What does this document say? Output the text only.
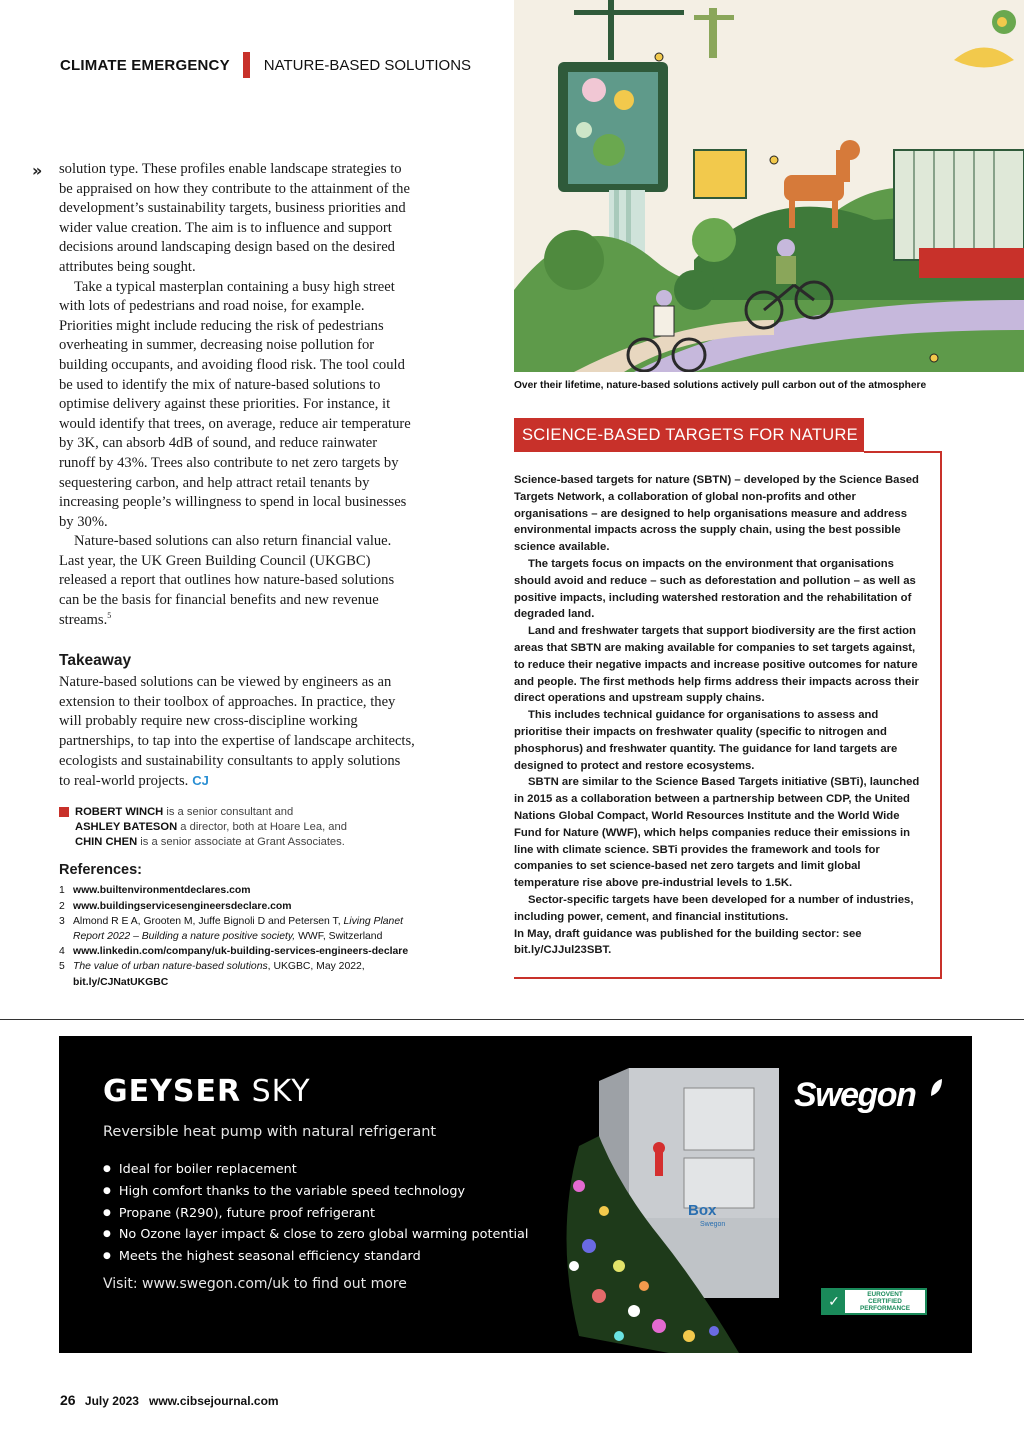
CLIMATE EMERGENCY NATURE-BASED SOLUTIONS
» solution type. These profiles enable landscape strategies to be appraised on how they contribute to the attainment of the development’s sustainability targets, business priorities and wider value creation. The aim is to influence and support decisions around landscaping design based on the desired attributes being sought.

Take a typical masterplan containing a busy high street with lots of pedestrians and road noise, for example. Priorities might include reducing the risk of pedestrians overheating in summer, decreasing noise pollution for building occupants, and avoiding flood risk. The tool could be used to identify the mix of nature-based solutions to optimise delivery against these priorities. For instance, it would identify that trees, on average, reduce air temperature by 3K, can absorb 4dB of sound, and reduce rainwater runoff by 43%. Trees also contribute to net zero targets by sequestering carbon, and help attract retail tenants by increasing people’s willingness to spend in local businesses by 30%.

Nature-based solutions can also return financial value. Last year, the UK Green Building Council (UKGBC) released a report that outlines how nature-based solutions can be the basis for financial benefits and new revenue streams.$^5$

Takeaway

Nature-based solutions can be viewed by engineers as an extension to their toolbox of approaches. In practice, they will probably require new cross-discipline working partnerships, to tap into the expertise of landscape architects, ecologists and sustainability consultants to apply solutions to real-world projects. CJ

ROBERT WINCH is a senior consultant and
ASHLEY BATESON a director, both at Hoare Lea, and
CHIN CHEN is a senior associate at Grant Associates.
References:
1 www.builtenvironmentdeclares.com
2 www.buildingservicesengineersdeclare.com
3 Almond R E A, Grooten M, Juffe Bignoli D and Petersen T, Living Planet Report 2022 – Building a nature positive society, WWF, Switzerland
4 www.linkedin.com/company/uk-building-services-engineers-declare
5 The value of urban nature-based solutions, UKGBC, May 2022,
bit.ly/CJNatUKGBC
Over their lifetime, nature-based solutions actively pull carbon out of the atmosphere
SCIENCE-BASED TARGETS FOR NATURE

Science-based targets for nature (SBTN) – developed by the Science Based Targets Network, a collaboration of global non-profits and other organisations – are designed to help organisations measure and address environmental impacts across the supply chain, using the best possible science available.

The targets focus on impacts on the environment that organisations should avoid and reduce – such as deforestation and pollution – as well as positive impacts, including watershed restoration and the rehabilitation of degraded land.

Land and freshwater targets that support biodiversity are the first action areas that SBTN are making available for companies to set targets against, to reduce their negative impacts and increase positive outcomes for nature and people. The first methods help firms address their impacts across their direct operations and upstream supply chains.

This includes technical guidance for organisations to assess and prioritise their impacts on freshwater quality (specific to nitrogen and phosphorus) and freshwater quantity. The guidance for land targets are designed to protect and restore ecosystems.

SBTN are similar to the Science Based Targets initiative (SBTi), launched in 2015 as a collaboration between a partnership between CDP, the United Nations Global Compact, World Resources Institute and the World Wide Fund for Nature (WWF), which helps companies reduce their emissions in line with climate science. SBTi provides the framework and tools for companies to set science-based net zero targets and limit global temperature rise above pre-industrial levels to 1.5K.

Sector-specific targets have been developed for a number of industries, including power, cement, and financial institutions.

In May, draft guidance was published for the building sector: see bit.ly/CJJul23SBT.

Box
Swegon
GEYSER SKY
Reversible heat pump with natural refrigerant
● Ideal for boiler replacement
● High comfort thanks to the variable speed technology
● Propane (R290), future proof refrigerant
● No Ozone layer impact & close to zero global warming potential
● Meets the highest seasonal efficiency standard
Visit: www.swegon.com/uk to find out more
Swegon
✓	EUROVENT
CERTIFIED
PERFORMANCE
26 July 2023 www.cibsejournal.com
